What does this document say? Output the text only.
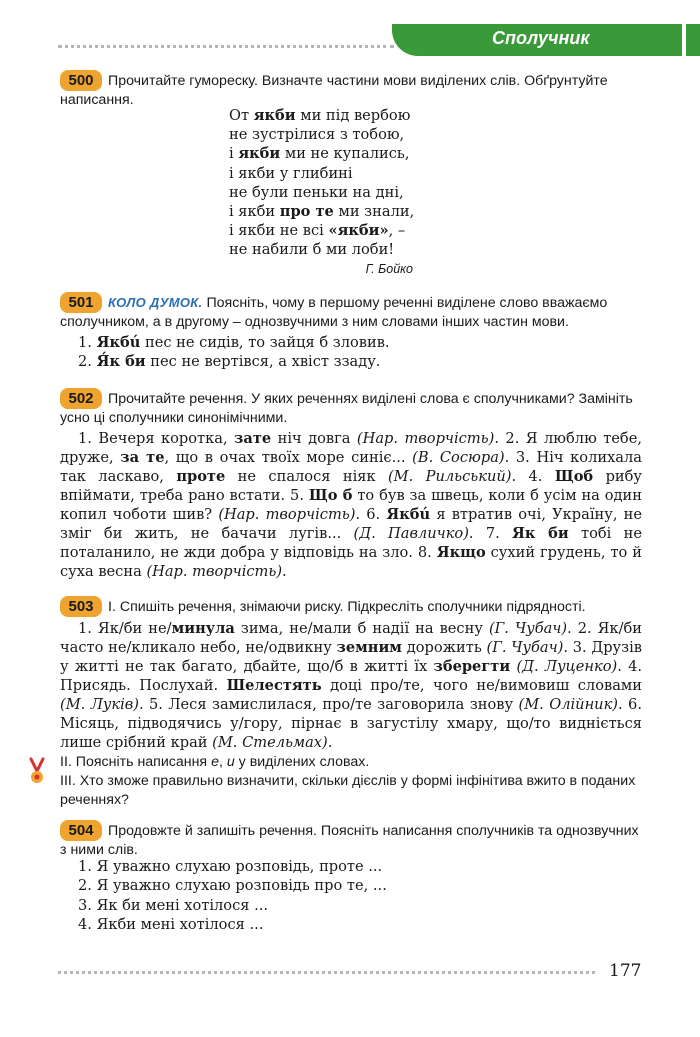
Сполучник
500 Прочитайте гумореску. Визначте частини мови виділених слів. Обґрунтуйте написання.
От якби ми під вербою
не зустрілися з тобою,
і якби ми не купались,
і якби у глибині
не були пеньки на дні,
і якби про те ми знали,
і якби не всі «якби», –
не набили б ми лоби!
Г. Бойко
501 КОЛО ДУМОК. Поясніть, чому в першому реченні виділене слово вважаємо сполучником, а в другому – однозвучними з ним словами інших частин мови.
1. Якбú пес не сидів, то зайця б зловив.
2. Я́к би пес не вертівся, а хвіст ззаду.
502 Прочитайте речення. У яких реченнях виділені слова є сполучниками? Замініть усно ці сполучники синонімічними.
1. Вечеря коротка, зате ніч довга (Нар. творчість). 2. Я люблю тебе, друже, за те, що в очах твоїх море синіє... (В. Сосюра). 3. Ніч колихала так ласкаво, проте не спалося ніяк (М. Рильський). 4. Щоб рибу впіймати, треба рано встати. 5. Що б то був за швець, коли б усім на один копил чоботи шив? (Нар. творчість). 6. Якбú я втратив очі, Україну, не зміг би жить, не бачачи лугів... (Д. Павличко). 7. Як би тобі не поталанило, не жди добра у відповідь на зло. 8. Якщо сухий грудень, то й суха весна (Нар. творчість).
503 І. Спишіть речення, знімаючи риску. Підкресліть сполучники підрядності.
1. Як/би не/минула зима, не/мали б надії на весну (Г. Чубач). 2. Як/би часто не/кликало небо, не/одвикну земним дорожить (Г. Чубач). 3. Друзів у житті не так багато, дбайте, що/б в житті їх зберегти (Д. Луценко). 4. Присядь. Послухай. Шелестять доці про/те, чого не/вимовиш словами (М. Луків). 5. Леся замислилася, про/те заговорила знову (М. Олійник). 6. Місяць, підводячись у/гору, пірнає в загустілу хмару, що/то видніється лише срібний край (М. Стельмах).
ІІ. Поясніть написання е, и у виділених словах.
ІІІ. Хто зможе правильно визначити, скільки дієслів у формі інфінітива вжито в поданих реченнях?
504 Продовжте й запишіть речення. Поясніть написання сполучників та однозвучних з ними слів.
1. Я уважно слухаю розповідь, проте ...
2. Я уважно слухаю розповідь про те, ...
3. Як би мені хотілося ...
4. Якби мені хотілося ...
177
